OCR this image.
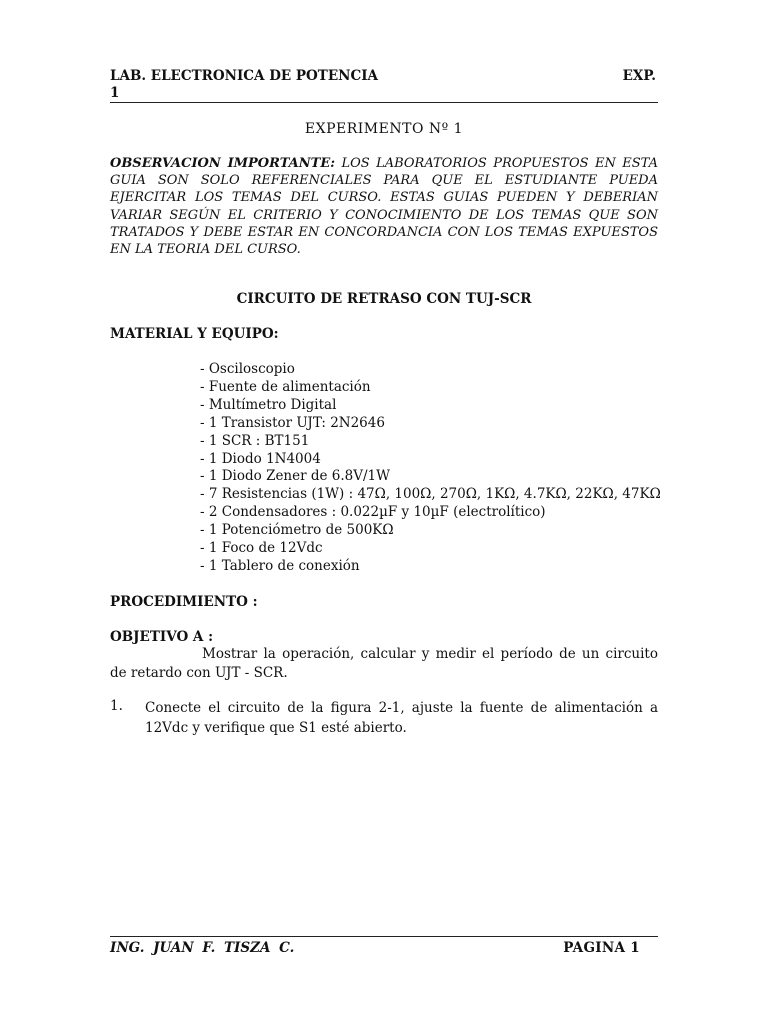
LAB. ELECTRONICA DE POTENCIA
1
EXP.
EXPERIMENTO Nº 1
OBSERVACION IMPORTANTE: LOS LABORATORIOS PROPUESTOS EN ESTA GUIA SON SOLO REFERENCIALES PARA QUE EL ESTUDIANTE PUEDA EJERCITAR LOS TEMAS DEL CURSO. ESTAS GUIAS PUEDEN Y DEBERIAN VARIAR SEGÚN EL CRITERIO Y CONOCIMIENTO DE LOS TEMAS QUE SON TRATADOS Y DEBE ESTAR EN CONCORDANCIA CON LOS TEMAS EXPUESTOS EN LA TEORIA DEL CURSO.
CIRCUITO DE RETRASO CON TUJ-SCR
MATERIAL Y EQUIPO:
- Osciloscopio
- Fuente de alimentación
- Multímetro Digital
- 1 Transistor UJT: 2N2646
- 1 SCR : BT151
- 1 Diodo 1N4004
- 1 Diodo Zener de 6.8V/1W
- 7 Resistencias (1W) : 47Ω, 100Ω, 270Ω, 1KΩ, 4.7KΩ, 22KΩ, 47KΩ
- 2 Condensadores : 0.022µF y 10µF (electrolítico)
- 1 Potenciómetro de 500KΩ
- 1 Foco de 12Vdc
- 1 Tablero de conexión
PROCEDIMIENTO :
OBJETIVO A :
Mostrar la operación, calcular y medir el período de un circuito de retardo con UJT - SCR.
1. Conecte el circuito de la figura 2-1, ajuste la fuente de alimentación a 12Vdc y verifique que S1 esté abierto.
ING. JUAN F. TISZA C.	PAGINA 1
